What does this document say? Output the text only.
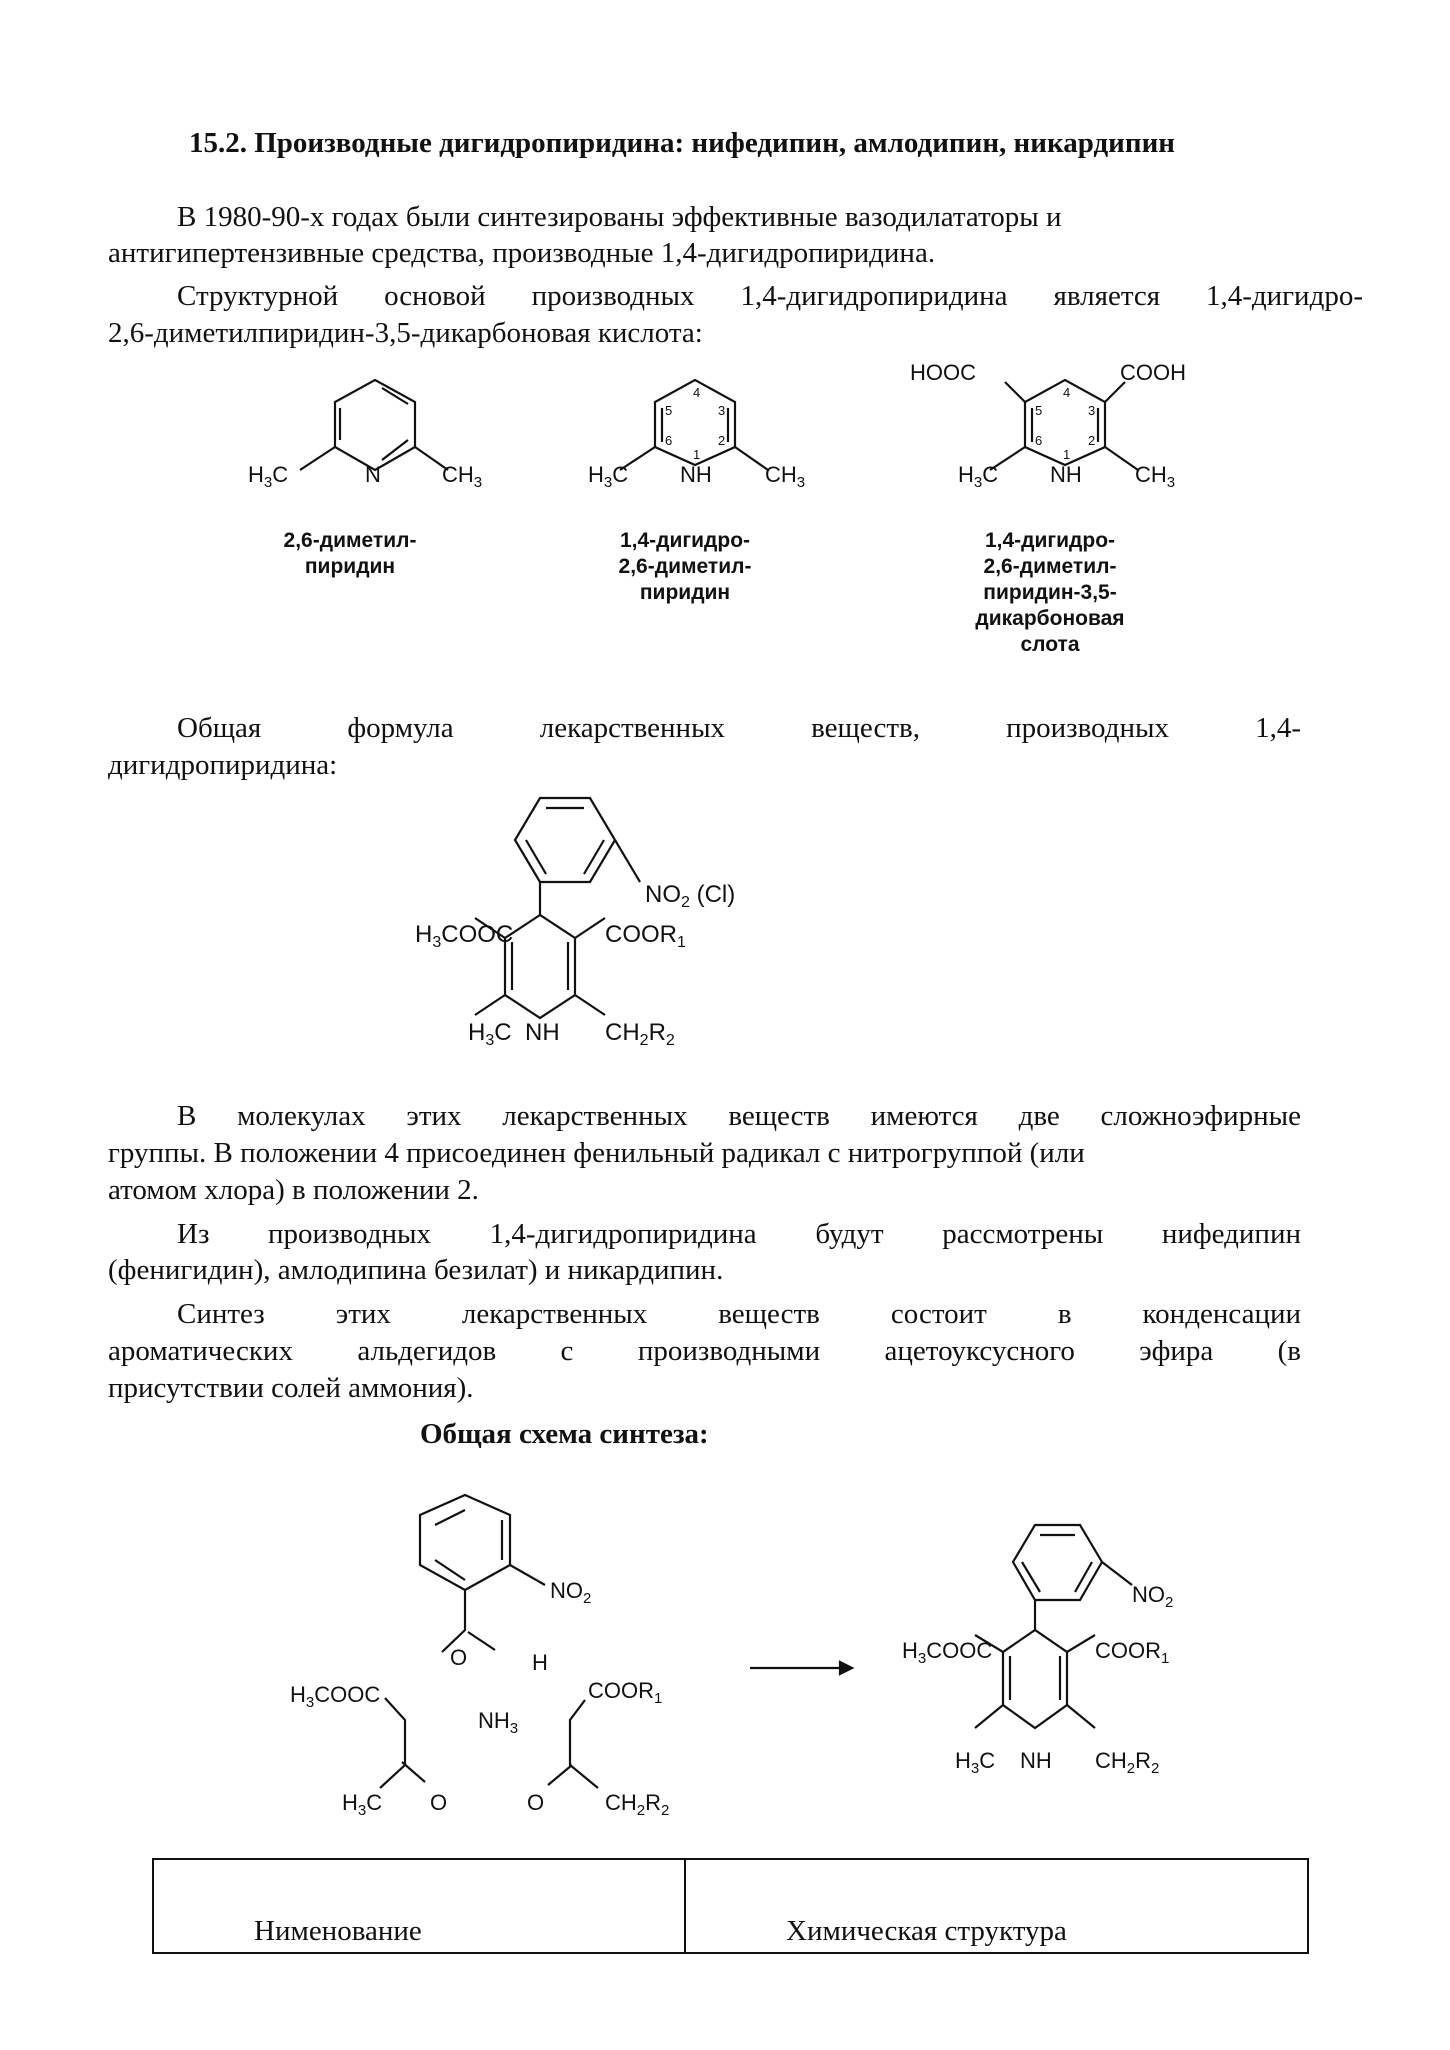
15.2. Производные дигидропиридина: нифедипин, амлодипин, никардипин
В 1980-90-х годах были синтезированы эффективные вазодилататоры и
антигипертензивные средства, производные 1,4-дигидропиридина.
Структурной основой производных 1,4-дигидропиридина является 1,4-дигидро-
2,6-диметилпиридин-3,5-дикарбоновая кислота:
$H_3C$	N	$CH_3$
4
5	3
6	2
1
$H_3C$ NH $CH_3$
HOOC	COOH
4
5	3
6	2
1
$H_3C$ NH $CH_3$
2,6-диметил-
пиридин
1,4-дигидро-
2,6-диметил-
пиридин
1,4-дигидро-
2,6-диметил-
пиридин-3,5-
дикарбоновая
слота
Общая формула лекарственных веществ, производных 1,4-
дигидропиридина:
$NO_2$ (Cl)
$H_3COOC$	$COOR_1$
$H_3C$ NH $CH_2R_2$
В молекулах этих лекарственных веществ имеются две сложноэфирные
группы. В положении 4 присоединен фенильный радикал с нитрогруппой (или
атомом хлора) в положении 2.
Из производных 1,4-дигидропиридина будут рассмотрены нифедипин
(фенигидин), амлодипина безилат) и никардипин.
Синтез этих лекарственных веществ состоит в конденсации
ароматических альдегидов с производными ацетоуксусного эфира (в
присутствии солей аммония).
Общая схема синтеза:
$NO_2$
O	H
$NH_3$
$H_3COOC$
$H_3C$ O
$COOR_1$
O	$CH_2R_2$
$NO_2$
$H_3COOC$	$COOR_1$
$H_3C$ NH $CH_2R_2$
Нименование	Химическая структура
